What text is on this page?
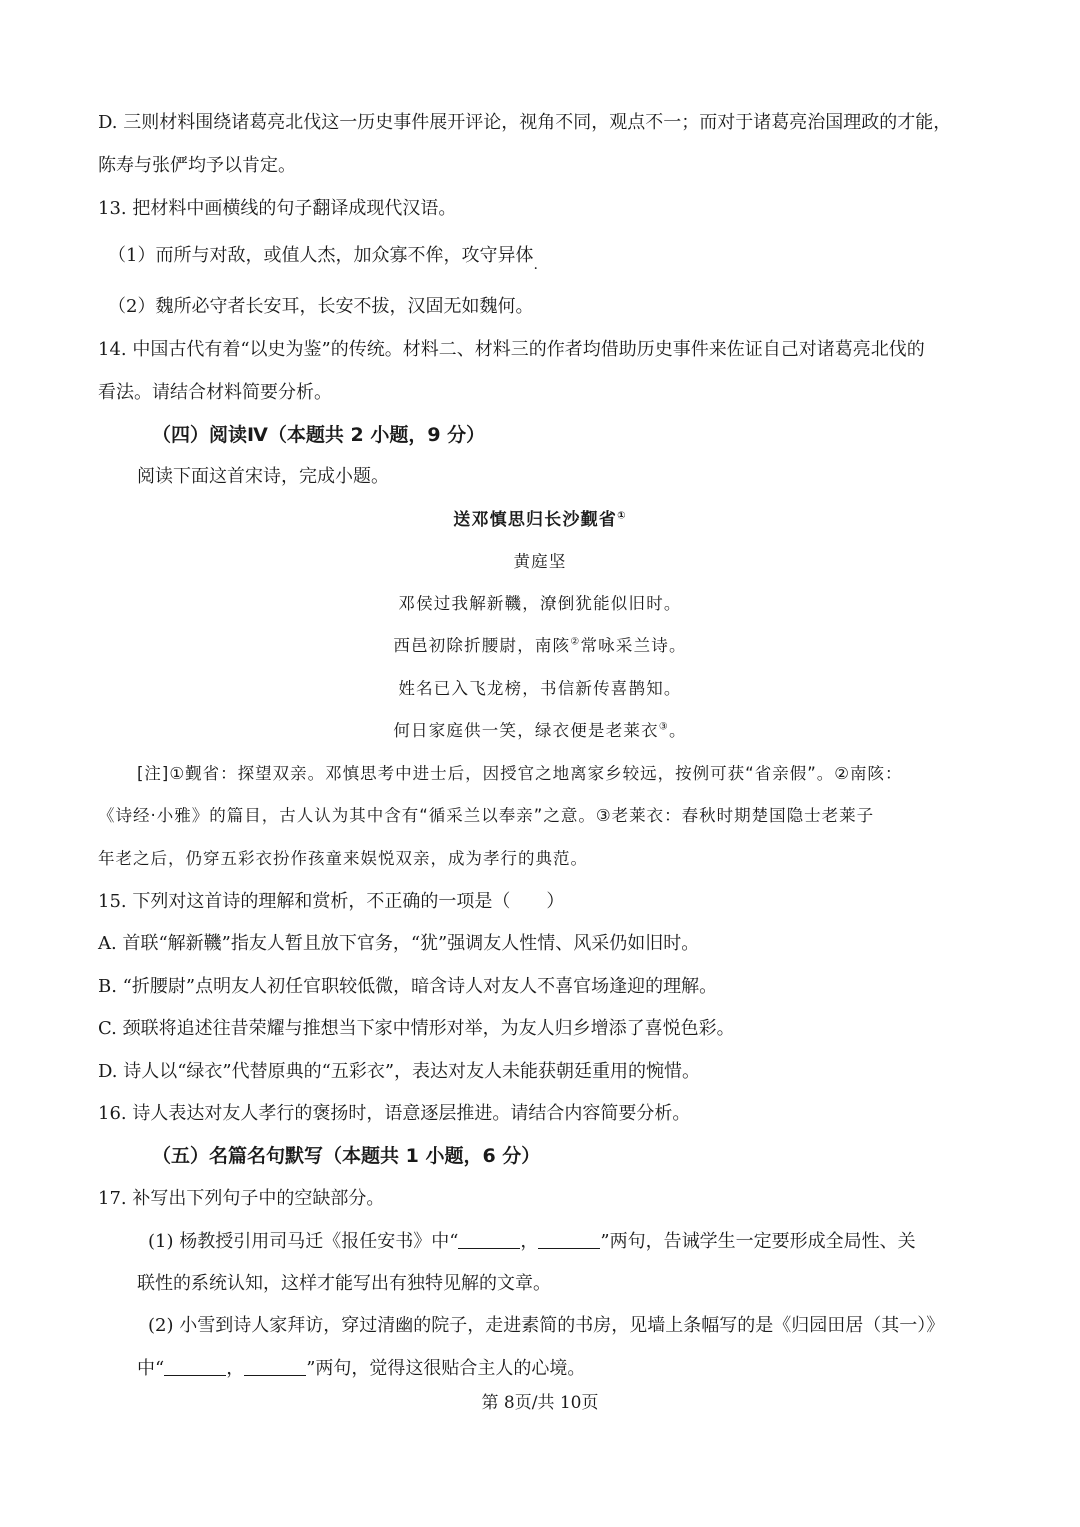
D. 三则材料围绕诸葛亮北伐这一历史事件展开评论，视角不同，观点不一；而对于诸葛亮治国理政的才能，
陈寿与张俨均予以肯定。
13. 把材料中画横线的句子翻译成现代汉语。
（1）而所与对敌，或值人杰，加众寡不侔，攻守异体$_.$
（2）魏所必守者长安耳，长安不拔，汉固无如魏何。
14. 中国古代有着“以史为鉴”的传统。材料二、材料三的作者均借助历史事件来佐证自己对诸葛亮北伐的
看法。请结合材料简要分析。
（四）阅读Ⅳ（本题共 2 小题，9 分）
阅读下面这首宋诗，完成小题。
送邓慎思归长沙觐省①
黄庭坚
邓侯过我解新鞿，潦倒犹能似旧时。
西邑初除折腰尉，南陔②常咏采兰诗。
姓名已入飞龙榜，书信新传喜鹊知。
何日家庭供一笑，绿衣便是老莱衣③。
[注]①觐省：探望双亲。邓慎思考中进士后，因授官之地离家乡较远，按例可获“省亲假”。②南陔：
《诗经·小雅》的篇目，古人认为其中含有“循采兰以奉亲”之意。③老莱衣：春秋时期楚国隐士老莱子
年老之后，仍穿五彩衣扮作孩童来娱悦双亲，成为孝行的典范。
15. 下列对这首诗的理解和赏析，不正确的一项是（　　）
A. 首联“解新鞿”指友人暂且放下官务，“犹”强调友人性情、风采仍如旧时。
B. “折腰尉”点明友人初任官职较低微，暗含诗人对友人不喜官场逢迎的理解。
C. 颈联将追述往昔荣耀与推想当下家中情形对举，为友人归乡增添了喜悦色彩。
D. 诗人以“绿衣”代替原典的“五彩衣”，表达对友人未能获朝廷重用的惋惜。
16. 诗人表达对友人孝行的褒扬时，语意逐层推进。请结合内容简要分析。
（五）名篇名句默写（本题共 1 小题，6 分）
17. 补写出下列句子中的空缺部分。
(1) 杨教授引用司马迁《报任安书》中“	，	”两句，告诫学生一定要形成全局性、关
联性的系统认知，这样才能写出有独特见解的文章。
(2) 小雪到诗人家拜访，穿过清幽的院子，走进素简的书房，见墙上条幅写的是《归园田居（其一）》
中“	，	”两句，觉得这很贴合主人的心境。
第 8页/共 10页
